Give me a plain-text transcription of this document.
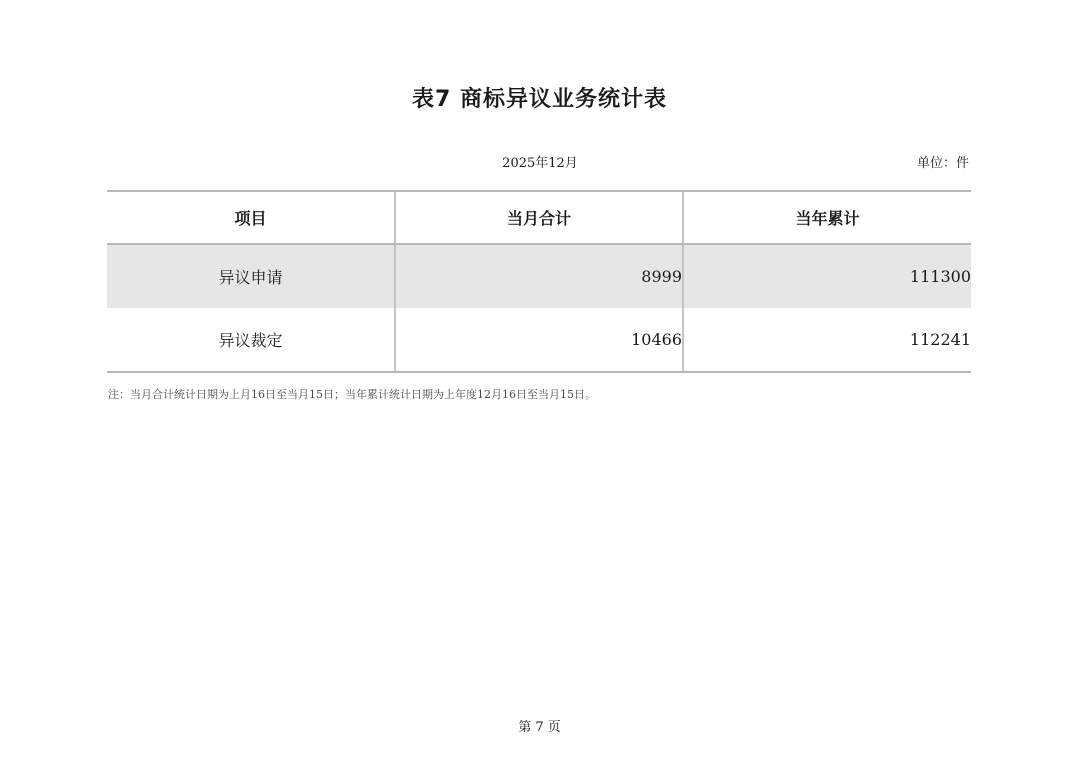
表7 商标异议业务统计表
2025年12月	单位：件
项目	当月合计	当年累计
异议申请	8999	111300
异议裁定	10466	112241
注：当月合计统计日期为上月16日至当月15日；当年累计统计日期为上年度12月16日至当月15日。
第 7 页
